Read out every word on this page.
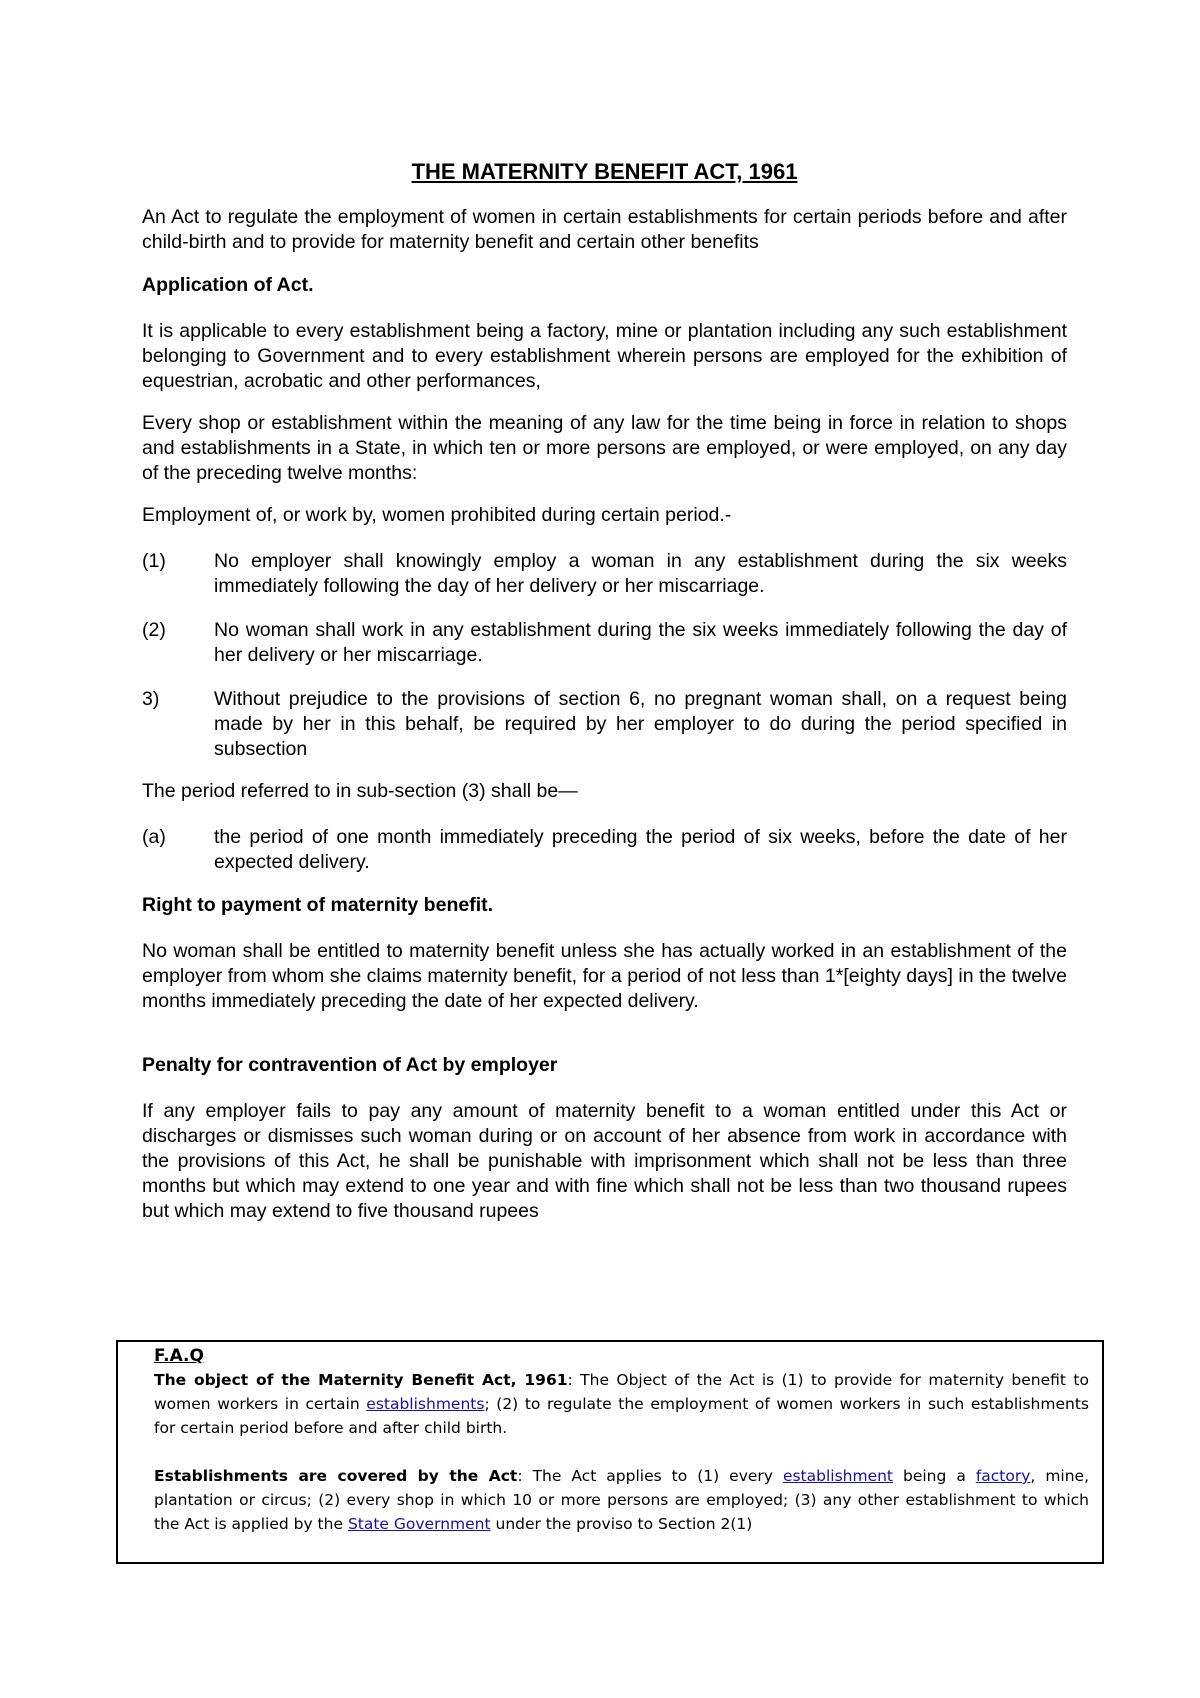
THE MATERNITY BENEFIT ACT, 1961

An Act to regulate the employment of women in certain establishments for certain periods before and after child-birth and to provide for maternity benefit and certain other benefits

Application of Act.

It is applicable to every establishment being a factory, mine or plantation including any such establishment belonging to Government and to every establishment wherein persons are employed for the exhibition of equestrian, acrobatic and other performances,

Every shop or establishment within the meaning of any law for the time being in force in relation to shops and establishments in a State, in which ten or more persons are employed, or were employed, on any day of the preceding twelve months:

Employment of, or work by, women prohibited during certain period.-

(1) No employer shall knowingly employ a woman in any establishment during the six weeks immediately following the day of her delivery or her miscarriage.
(2) No woman shall work in any establishment during the six weeks immediately following the day of her delivery or her miscarriage.
3)	Without prejudice to the provisions of section 6, no pregnant woman shall, on a request being made by her in this behalf, be required by her employer to do during the period specified in subsection

The period referred to in sub-section (3) shall be—

(a) the period of one month immediately preceding the period of six weeks, before the date of her expected delivery.

Right to payment of maternity benefit.

No woman shall be entitled to maternity benefit unless she has actually worked in an establishment of the employer from whom she claims maternity benefit, for a period of not less than 1*[eighty days] in the twelve months immediately preceding the date of her expected delivery.

Penalty for contravention of Act by employer

If any employer fails to pay any amount of maternity benefit to a woman entitled under this Act or discharges or dismisses such woman during or on account of her absence from work in accordance with the provisions of this Act, he shall be punishable with imprisonment which shall not be less than three months but which may extend to one year and with fine which shall not be less than two thousand rupees but which may extend to five thousand rupees

F.A.Q

The object of the Maternity Benefit Act, 1961: The Object of the Act is (1) to provide for maternity benefit to women workers in certain establishments; (2) to regulate the employment of women workers in such establishments for certain period before and after child birth.

Establishments are covered by the Act: The Act applies to (1) every establishment being a factory, mine, plantation or circus; (2) every shop in which 10 or more persons are employed; (3) any other establishment to which the Act is applied by the State Government under the proviso to Section 2(1)
